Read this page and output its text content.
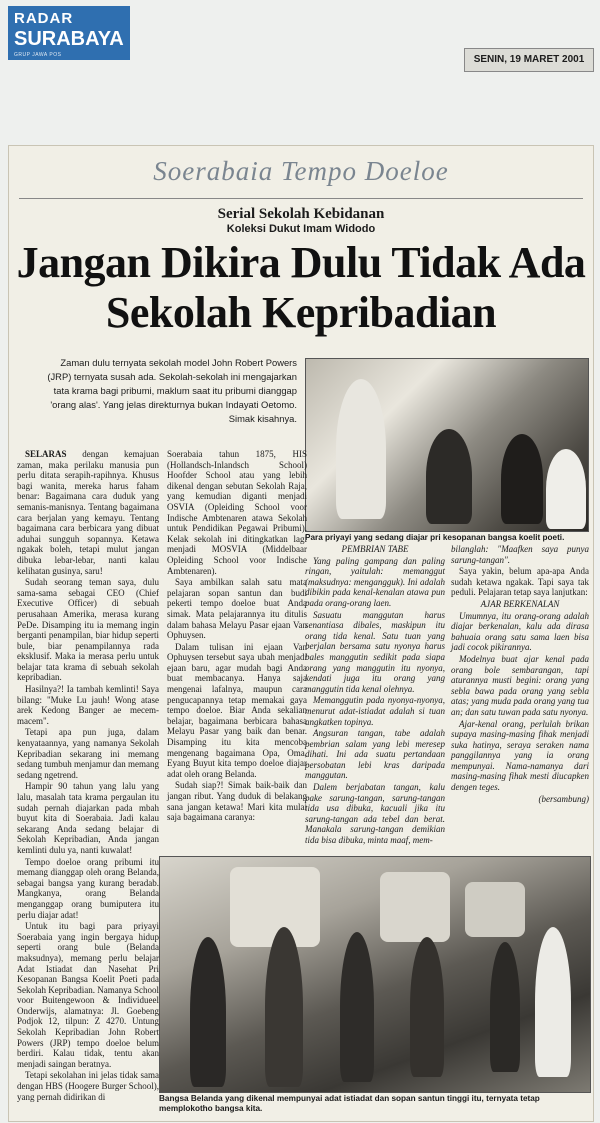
RADAR
SURABAYA
GRUP JAWA POS	SENIN, 19 MARET 2001
Soerabaia Tempo Doeloe
Serial Sekolah Kebidanan
Koleksi Dukut Imam Widodo
Jangan Dikira Dulu Tidak Ada Sekolah Kepribadian
Zaman dulu ternyata sekolah model John Robert Powers (JRP) ternyata susah ada. Sekolah-sekolah ini mengajarkan tata krama bagi pribumi, maklum saat itu pribumi dianggap 'orang alas'. Yang jelas direkturnya bukan Indayati Oetomo.
Simak kisahnya.
Para priyayi yang sedang diajar pri kesopanan bangsa koelit poeti.

SELARAS dengan kemajuan zaman, maka perilaku manusia pun perlu ditata serapih-rapihnya. Khusus bagi wanita, mereka harus faham benar: Bagaimana cara duduk yang semanis-manisnya. Tentang bagaimana cara berjalan yang kemayu. Tentang bagaimana cara berbicara yang dibuat aduhai sungguh sopannya. Ketawa ngakak boleh, tetapi mulut jangan dibuka lebar-lebar, nanti kalau kelihatan gusinya, saru!

Sudah seorang teman saya, dulu sama-sama sebagai CEO (Chief Executive Officer) di sebuah perusahaan Amerika, merasa kurang PeDe. Disamping itu ia memang ingin berganti penampilan, biar hidup seperti bule, biar penampilannya rada eksklusif. Maka ia merasa perlu untuk belajar tata krama di sebuah sekolah kepribadian.

Hasilnya?! Ia tambah kemlinti! Saya bilang: "Muke Lu jauh! Wong atase arek Kedong Banger ae mecem-macem".

Tetapi apa pun juga, dalam kenyataannya, yang namanya Sekolah Kepribadian sekarang ini memang sedang tumbuh menjamur dan memang sedang ngetrend.

Hampir 90 tahun yang lalu yang lalu, masalah tata krama pergaulan itu sudah pernah diajarkan pada mbah buyut kita di Soerabaia. Jadi kalau sekarang Anda sedang belajar di Sekolah Kepribadian, Anda jangan kemlinti dulu ya, nanti kuwalat!

Tempo doeloe orang pribumi itu memang dianggap oleh orang Belanda, sebagai bangsa yang kurang beradab. Mangkanya, orang Belanda menganggap orang bumiputera itu perlu diajar adat!

Untuk itu bagi para priyayi Soerabaia yang ingin bergaya hidup seperti orang bule (Belanda maksudnya), memang perlu belajar Adat Istiadat dan Nasehat Pri Kesopanan Bangsa Koelit Poeti pada Sekolah Kepribadian. Namanya School voor Buitengewoon & Individueel Onderwijs, alamatnya: Jl. Goebeng Podjok 12, tilpun: Z 4270. Untung Sekolah Kepribadian John Robert Powers (JRP) tempo doeloe belum berdiri. Kalau tidak, tentu akan menjadi saingan beratnya.

Tetapi sekolahan ini jelas tidak sama dengan HBS (Hoogere Burger School), yang pernah didirikan di

Soerabaia tahun 1875, HIS (Hollandsch-Inlandsch School) Hoofder School atau yang lebih dikenal dengan sebutan Sekolah Raja, yang kemudian diganti menjadi OSVIA (Opleiding School voor Indische Ambtenaren atawa Sekolah untuk Pendidikan Pegawai Pribumi). Kelak sekolah ini ditingkatkan lagi menjadi MOSVIA (Middelbaar Opleiding School voor Indische Ambtenaren).

Saya ambilkan salah satu mata pelajaran sopan santun dan budi pekerti tempo doeloe buat Anda simak. Mata pelajarannya itu ditulis dalam bahasa Melayu Pasar ejaan Van Ophuysen.

Dalam tulisan ini ejaan Van Ophuysen tersebut saya ubah menjadi ejaan baru, agar mudah bagi Anda buat membacanya. Hanya saja mengenai lafalnya, maupun cara pengucapannya tetap memakai gaya tempo doeloe. Biar Anda sekalian belajar, bagaimana berbicara bahasa Melayu Pasar yang baik dan benar. Disamping itu kita mencoba mengenang bagaimana Opa, Oma, Eyang Buyut kita tempo doeloe diajar adat oleh orang Belanda.

Sudah siap?! Simak baik-baik dan jangan ribut. Yang duduk di belakang sana jangan ketawa! Mari kita mulai saja bagaimana caranya:

PEMBRIAN TABE

Yang paling gampang dan paling ringan, yaitulah: memanggut (maksudnya: mengangguk). Ini adalah dibikin pada kenal-kenalan atawa pun pada orang-orang laen.

Sasuatu manggutan harus senantiasa dibales, maskipun itu orang tida kenal. Satu tuan yang berjalan bersama satu nyonya harus bales manggutin sedikit pada siapa orang yang manggutin itu nyonya, kendati juga itu orang yang manggutin tida kenal olehnya.

Memanggutin pada nyonya-nyonya, menurut adat-istiadat adalah si tuan angkatken topinya.

Angsuran tangan, tabe adalah pembrian salam yang lebi meresep dihati. Ini ada suatu pertandaan persobatan lebi kras daripada manggutan.

Dalem berjabatan tangan, kalu pake sarung-tangan, sarung-tangan tida usa dibuka, kacuali jika itu sarung-tangan ada tebel dan berat. Manakala sarung-tangan demikian tida bisa dibuka, minta maaf, mem-

bilanglah: "Maafken saya punya sarung-tangan".

Saya yakin, belum apa-apa Anda sudah ketawa ngakak. Tapi saya tak peduli. Pelajaran tetap saya lanjutkan:

AJAR BERKENALAN

Umumnya, itu orang-orang adalah diajar berkenalan, kalu ada dirasa bahuaia orang satu sama laen bisa jadi cocok pikirannya.

Modelnya buat ajar kenal pada orang bole sembarangan, tapi aturannya musti begini: orang yang sebla bawa pada orang yang sebla atas; yang muda pada orang yang tua an; dan satu tuwan pada satu nyonya.

Ajar-kenal orang, perlulah brikan supaya masing-masing fihak menjadi suka hatinya, seraya seraken nama panggilannya yang ia orang mempunyai. Nama-namanya dari masing-masing fihak mesti diucapken dengen teges.

(bersambung)

Bangsa Belanda yang dikenal mempunyai adat istiadat dan sopan santun tinggi itu, ternyata tetap memplokotho bangsa kita.
